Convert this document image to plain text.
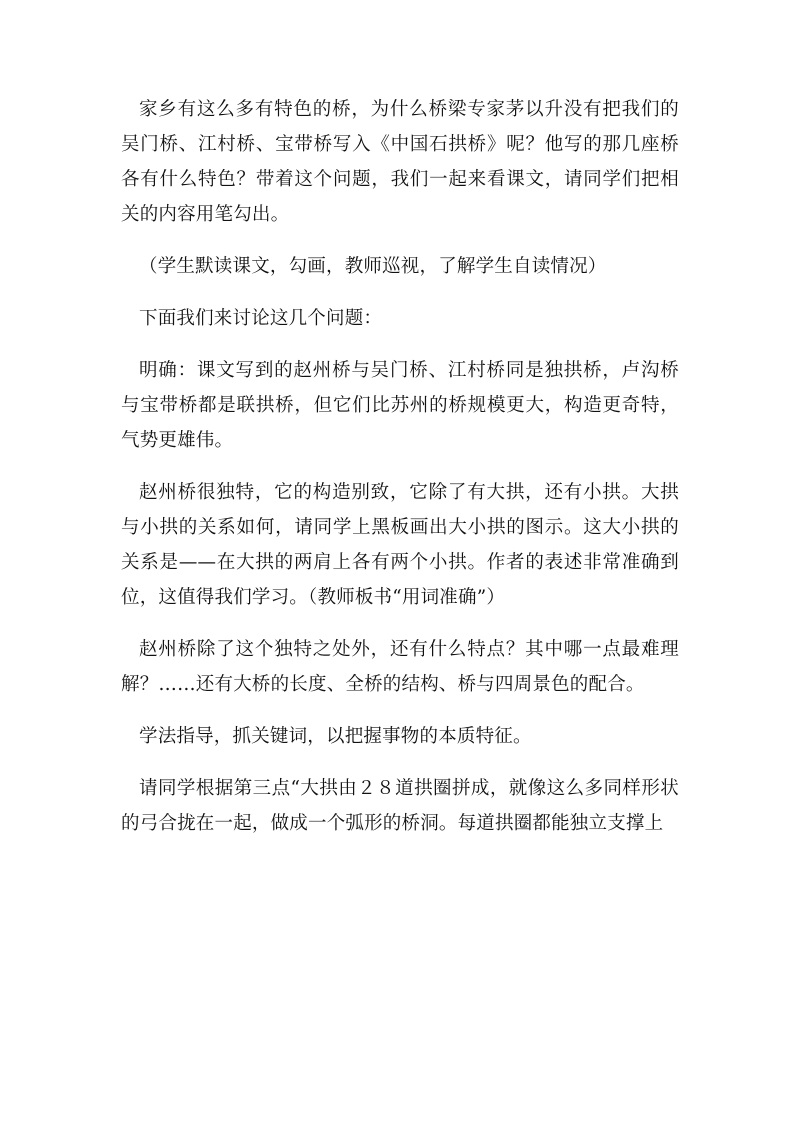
家乡有这么多有特色的桥，为什么桥梁专家茅以升没有把我们的吴门桥、江村桥、宝带桥写入《中国石拱桥》呢？他写的那几座桥各有什么特色？带着这个问题，我们一起来看课文，请同学们把相关的内容用笔勾出。

（学生默读课文，勾画，教师巡视，了解学生自读情况）

下面我们来讨论这几个问题：

明确：课文写到的赵州桥与吴门桥、江村桥同是独拱桥，卢沟桥与宝带桥都是联拱桥，但它们比苏州的桥规模更大，构造更奇特，气势更雄伟。

赵州桥很独特，它的构造别致，它除了有大拱，还有小拱。大拱与小拱的关系如何，请同学上黑板画出大小拱的图示。这大小拱的关系是——在大拱的两肩上各有两个小拱。作者的表述非常准确到位，这值得我们学习。（教师板书“用词准确”）

赵州桥除了这个独特之处外，还有什么特点？其中哪一点最难理解？……还有大桥的长度、全桥的结构、桥与四周景色的配合。

学法指导，抓关键词，以把握事物的本质特征。

请同学根据第三点“大拱由２８道拱圈拼成，就像这么多同样形状的弓合拢在一起，做成一个弧形的桥洞。每道拱圈都能独立支撑上
